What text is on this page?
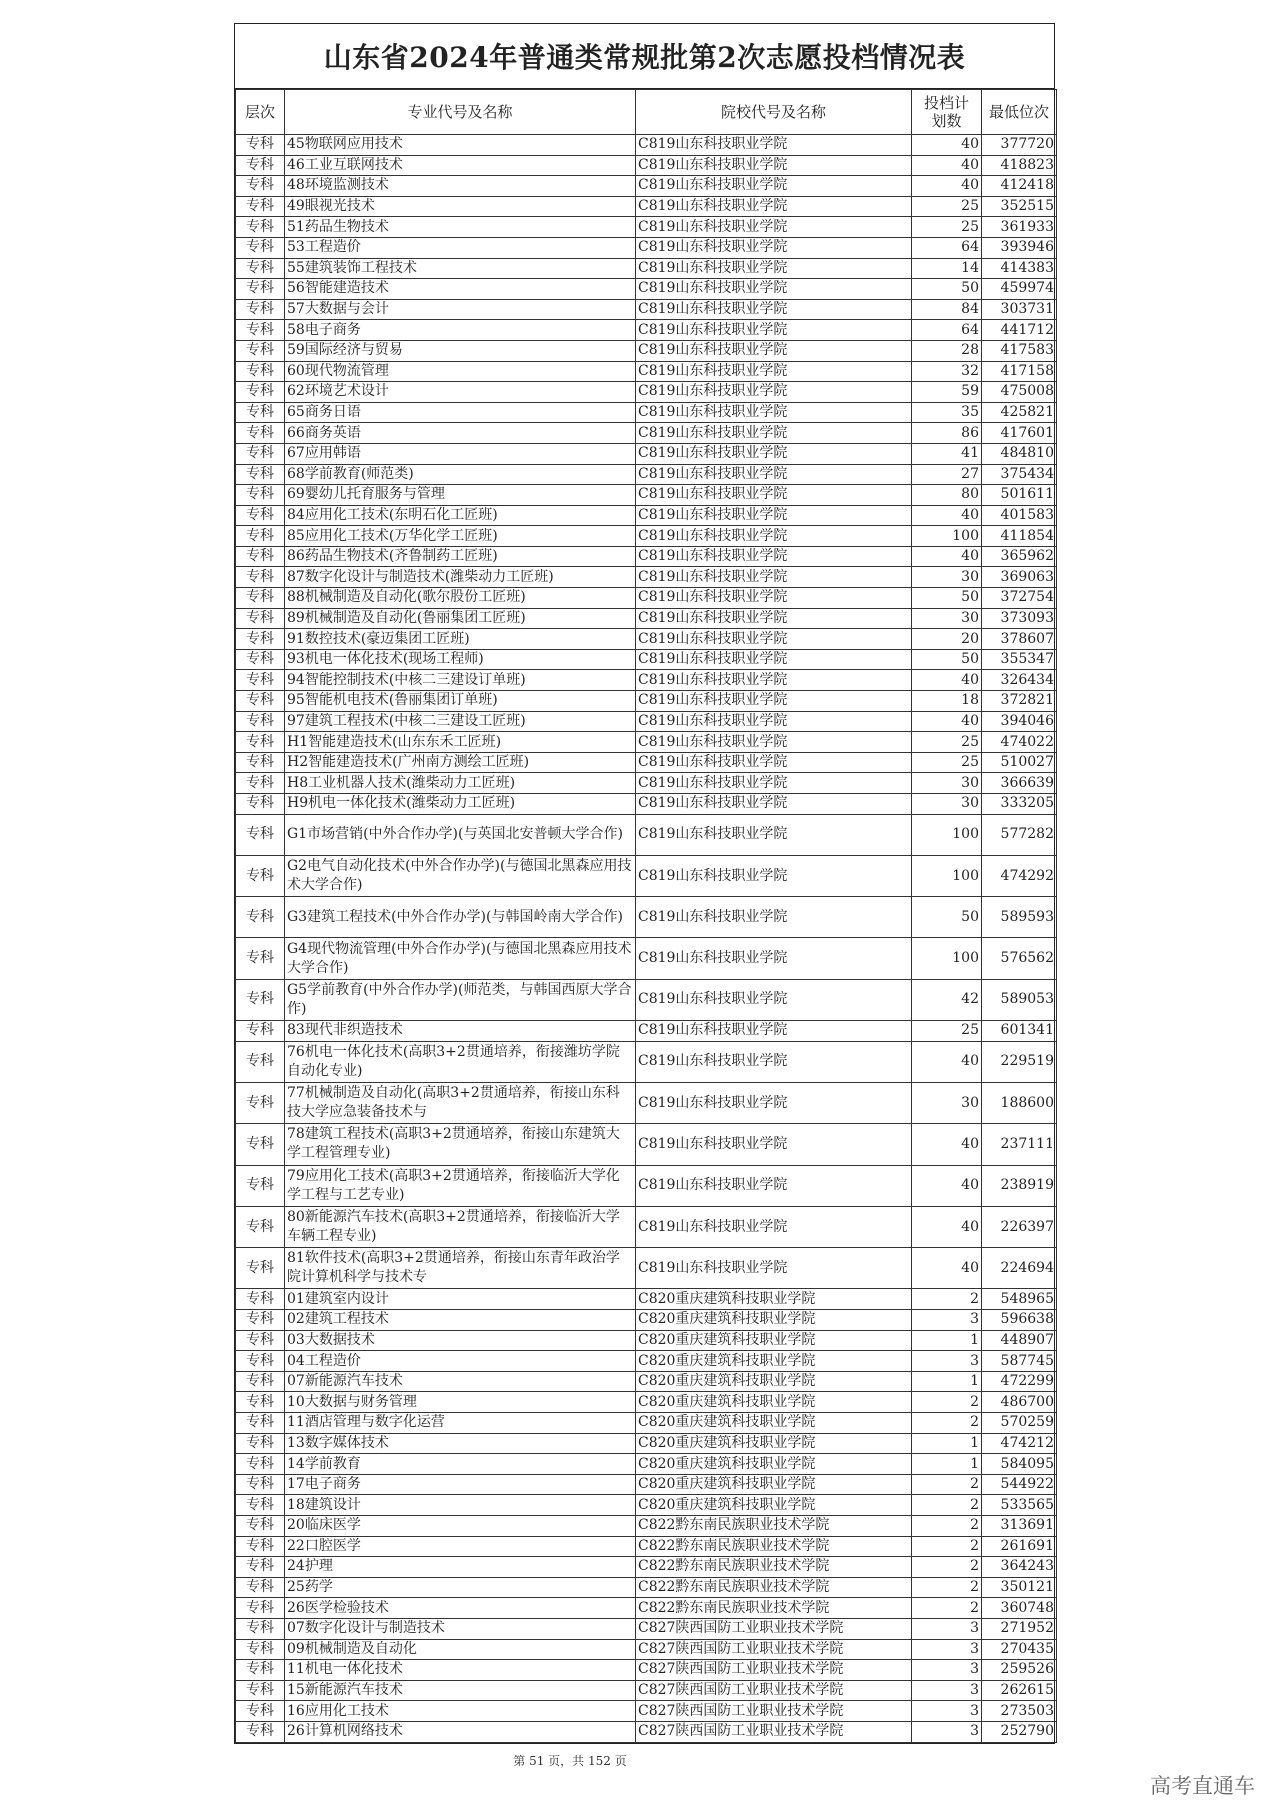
山东省2024年普通类常规批第2次志愿投档情况表
层次	专业代号及名称	院校代号及名称	投档计划数	最低位次
专科	45物联网应用技术	C819山东科技职业学院	40	377720
专科	46工业互联网技术	C819山东科技职业学院	40	418823
专科	48环境监测技术	C819山东科技职业学院	40	412418
专科	49眼视光技术	C819山东科技职业学院	25	352515
专科	51药品生物技术	C819山东科技职业学院	25	361933
专科	53工程造价	C819山东科技职业学院	64	393946
专科	55建筑装饰工程技术	C819山东科技职业学院	14	414383
专科	56智能建造技术	C819山东科技职业学院	50	459974
专科	57大数据与会计	C819山东科技职业学院	84	303731
专科	58电子商务	C819山东科技职业学院	64	441712
专科	59国际经济与贸易	C819山东科技职业学院	28	417583
专科	60现代物流管理	C819山东科技职业学院	32	417158
专科	62环境艺术设计	C819山东科技职业学院	59	475008
专科	65商务日语	C819山东科技职业学院	35	425821
专科	66商务英语	C819山东科技职业学院	86	417601
专科	67应用韩语	C819山东科技职业学院	41	484810
专科	68学前教育(师范类)	C819山东科技职业学院	27	375434
专科	69婴幼儿托育服务与管理	C819山东科技职业学院	80	501611
专科	84应用化工技术(东明石化工匠班)	C819山东科技职业学院	40	401583
专科	85应用化工技术(万华化学工匠班)	C819山东科技职业学院	100	411854
专科	86药品生物技术(齐鲁制药工匠班)	C819山东科技职业学院	40	365962
专科	87数字化设计与制造技术(潍柴动力工匠班)	C819山东科技职业学院	30	369063
专科	88机械制造及自动化(歌尔股份工匠班)	C819山东科技职业学院	50	372754
专科	89机械制造及自动化(鲁丽集团工匠班)	C819山东科技职业学院	30	373093
专科	91数控技术(豪迈集团工匠班)	C819山东科技职业学院	20	378607
专科	93机电一体化技术(现场工程师)	C819山东科技职业学院	50	355347
专科	94智能控制技术(中核二三建设订单班)	C819山东科技职业学院	40	326434
专科	95智能机电技术(鲁丽集团订单班)	C819山东科技职业学院	18	372821
专科	97建筑工程技术(中核二三建设工匠班)	C819山东科技职业学院	40	394046
专科	H1智能建造技术(山东东禾工匠班)	C819山东科技职业学院	25	474022
专科	H2智能建造技术(广州南方测绘工匠班)	C819山东科技职业学院	25	510027
专科	H8工业机器人技术(潍柴动力工匠班)	C819山东科技职业学院	30	366639
专科	H9机电一体化技术(潍柴动力工匠班)	C819山东科技职业学院	30	333205
专科	G1市场营销(中外合作办学)(与英国北安普顿大学合作)	C819山东科技职业学院	100	577282
专科	G2电气自动化技术(中外合作办学)(与德国北黑森应用技术大学合作)	C819山东科技职业学院	100	474292
专科	G3建筑工程技术(中外合作办学)(与韩国岭南大学合作)	C819山东科技职业学院	50	589593
专科	G4现代物流管理(中外合作办学)(与德国北黑森应用技术大学合作)	C819山东科技职业学院	100	576562
专科	G5学前教育(中外合作办学)(师范类，与韩国西原大学合作)	C819山东科技职业学院	42	589053
专科	83现代非织造技术	C819山东科技职业学院	25	601341
专科	76机电一体化技术(高职3+2贯通培养，衔接潍坊学院自动化专业)	C819山东科技职业学院	40	229519
专科	77机械制造及自动化(高职3+2贯通培养，衔接山东科技大学应急装备技术与	C819山东科技职业学院	30	188600
专科	78建筑工程技术(高职3+2贯通培养，衔接山东建筑大学工程管理专业)	C819山东科技职业学院	40	237111
专科	79应用化工技术(高职3+2贯通培养，衔接临沂大学化学工程与工艺专业)	C819山东科技职业学院	40	238919
专科	80新能源汽车技术(高职3+2贯通培养，衔接临沂大学车辆工程专业)	C819山东科技职业学院	40	226397
专科	81软件技术(高职3+2贯通培养，衔接山东青年政治学院计算机科学与技术专	C819山东科技职业学院	40	224694
专科	01建筑室内设计	C820重庆建筑科技职业学院	2	548965
专科	02建筑工程技术	C820重庆建筑科技职业学院	3	596638
专科	03大数据技术	C820重庆建筑科技职业学院	1	448907
专科	04工程造价	C820重庆建筑科技职业学院	3	587745
专科	07新能源汽车技术	C820重庆建筑科技职业学院	1	472299
专科	10大数据与财务管理	C820重庆建筑科技职业学院	2	486700
专科	11酒店管理与数字化运营	C820重庆建筑科技职业学院	2	570259
专科	13数字媒体技术	C820重庆建筑科技职业学院	1	474212
专科	14学前教育	C820重庆建筑科技职业学院	1	584095
专科	17电子商务	C820重庆建筑科技职业学院	2	544922
专科	18建筑设计	C820重庆建筑科技职业学院	2	533565
专科	20临床医学	C822黔东南民族职业技术学院	2	313691
专科	22口腔医学	C822黔东南民族职业技术学院	2	261691
专科	24护理	C822黔东南民族职业技术学院	2	364243
专科	25药学	C822黔东南民族职业技术学院	2	350121
专科	26医学检验技术	C822黔东南民族职业技术学院	2	360748
专科	07数字化设计与制造技术	C827陕西国防工业职业技术学院	3	271952
专科	09机械制造及自动化	C827陕西国防工业职业技术学院	3	270435
专科	11机电一体化技术	C827陕西国防工业职业技术学院	3	259526
专科	15新能源汽车技术	C827陕西国防工业职业技术学院	3	262615
专科	16应用化工技术	C827陕西国防工业职业技术学院	3	273503
专科	26计算机网络技术	C827陕西国防工业职业技术学院	3	252790
第 51 页，共 152 页
高考直通车
